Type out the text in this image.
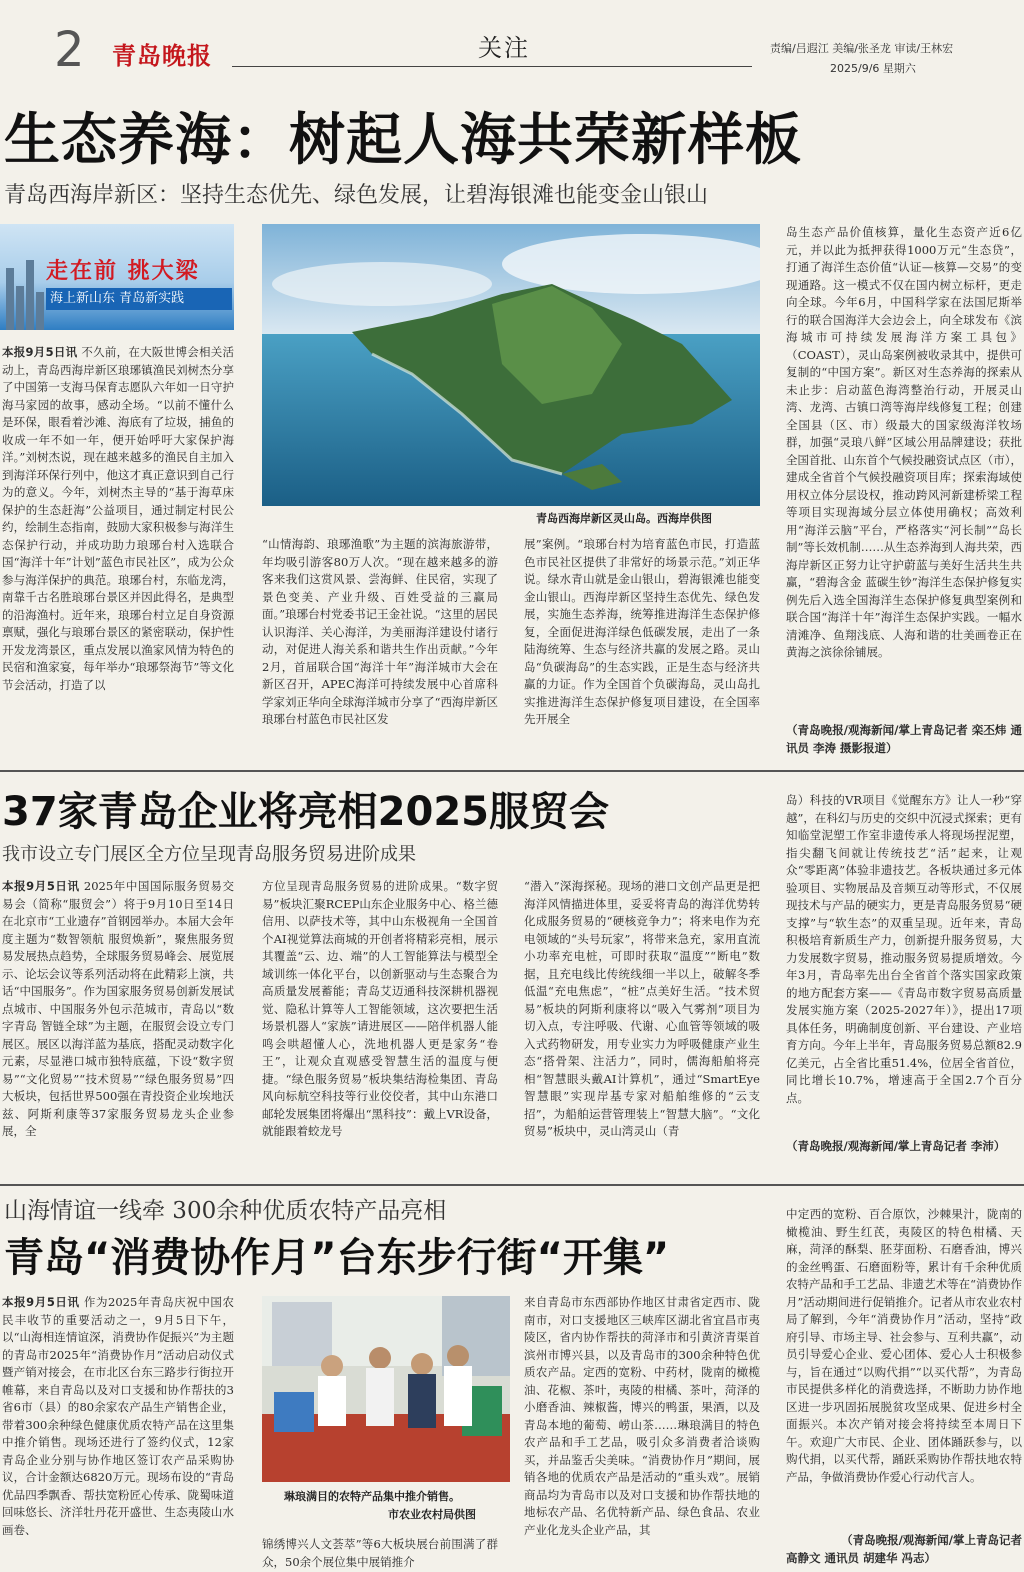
2 青岛晚报	关注	责编/吕遐江 美编/张圣龙 审读/王林宏
2025/9/6 星期六
生态养海：树起人海共荣新样板
青岛西海岸新区：坚持生态优先、绿色发展，让碧海银滩也能变金山银山
走在前 挑大梁
海上新山东 青岛新实践
青岛西海岸新区灵山岛。西海岸供图
本报9月5日讯 不久前，在大阪世博会相关活动上，青岛西海岸新区琅琊镇渔民刘树杰分享了中国第一支海马保育志愿队六年如一日守护海马家园的故事，感动全场。“以前不懂什么是环保，眼看着沙滩、海底有了垃圾，捕鱼的收成一年不如一年，便开始呼吁大家保护海洋。”刘树杰说，现在越来越多的渔民自主加入到海洋环保行列中，他这才真正意识到自己行为的意义。今年，刘树杰主导的“基于海草床保护的生态赶海”公益项目，通过制定村民公约，绘制生态指南，鼓励大家积极参与海洋生态保护行动，并成功助力琅琊台村入选联合国“海洋十年”计划”蓝色市民社区”，成为公众参与海洋保护的典范。琅琊台村，东临龙湾，南靠千古名胜琅琊台景区并因此得名，是典型的沿海渔村。近年来，琅琊台村立足自身资源禀赋，强化与琅琊台景区的紧密联动，保护性开发龙湾景区，重点发展以渔家风情为特色的民宿和渔家宴，每年举办“琅琊祭海节”等文化节会活动，打造了以
“山情海韵、琅琊渔歌”为主题的滨海旅游带，年均吸引游客80万人次。“现在越来越多的游客来我们这赏风景、尝海鲜、住民宿，实现了景色变美、产业升级、百姓受益的三赢局面。”琅琊台村党委书记王金社说。“这里的居民认识海洋、关心海洋，为美丽海洋建设付诸行动，对促进人海关系和谐共生作出贡献。”今年2月，首届联合国“海洋十年”海洋城市大会在新区召开，APEC海洋可持续发展中心首席科学家刘正华向全球海洋城市分享了“西海岸新区琅琊台村蓝色市民社区发
展”案例。“琅琊台村为培育蓝色市民，打造蓝色市民社区提供了非常好的场景示范。”刘正华说。绿水青山就是金山银山，碧海银滩也能变金山银山。西海岸新区坚持生态优先、绿色发展，实施生态养海，统筹推进海洋生态保护修复，全面促进海洋绿色低碳发展，走出了一条陆海统筹、生态与经济共赢的发展之路。灵山岛“负碳海岛”的生态实践，正是生态与经济共赢的力证。作为全国首个负碳海岛，灵山岛扎实推进海洋生态保护修复项目建设，在全国率先开展全
岛生态产品价值核算，量化生态资产近6亿元，并以此为抵押获得1000万元“生态贷”，打通了海洋生态价值“认证—核算—交易”的变现通路。这一模式不仅在国内树立标杆，更走向全球。今年6月，中国科学家在法国尼斯举行的联合国海洋大会边会上，向全球发布《滨海城市可持续发展海洋方案工具包》（COAST），灵山岛案例被收录其中，提供可复制的“中国方案”。新区对生态养海的探索从未止步：启动蓝色海湾整治行动，开展灵山湾、龙湾、古镇口湾等海岸线修复工程；创建全国县（区、市）级最大的国家级海洋牧场群，加强“灵琅八鲜”区域公用品牌建设；获批全国首批、山东首个气候投融资试点区（市），建成全省首个气候投融资项目库；探索海域使用权立体分层设权，推动跨风河新建桥梁工程等项目实现海域分层立体使用确权；高效利用“海洋云脑”平台，严格落实“河长制”“岛长制”等长效机制……从生态养海到人海共荣，西海岸新区正努力让守护蔚蓝与美好生活共生共赢，“碧海含金 蓝碳生钞”海洋生态保护修复实例先后入选全国海洋生态保护修复典型案例和联合国“海洋十年”海洋生态保护实践。一幅水清滩净、鱼翔浅底、人海和谐的壮美画卷正在黄海之滨徐徐铺展。
（青岛晚报/观海新闻/掌上青岛记者 栾丕炜 通讯员 李涛 摄影报道）
37家青岛企业将亮相2025服贸会
我市设立专门展区全方位呈现青岛服务贸易进阶成果
本报9月5日讯 2025年中国国际服务贸易交易会（简称“服贸会”）将于9月10日至14日在北京市“工业遗存”首钢园举办。本届大会年度主题为“数智领航 服贸焕新”，聚焦服务贸易发展热点趋势，全球服务贸易峰会、展览展示、论坛会议等系列活动将在此精彩上演，共话“中国服务”。作为国家服务贸易创新发展试点城市、中国服务外包示范城市，青岛以“数字青岛 智链全球”为主题，在服贸会设立专门展区。展区以海洋蓝为基底，搭配灵动数字化元素，尽显港口城市独特底蕴，下设“数字贸易”“文化贸易”“技术贸易”“绿色服务贸易”四大板块，包括世界500强在青投资企业埃地沃兹、阿斯利康等37家服务贸易龙头企业参展，全
方位呈现青岛服务贸易的进阶成果。“数字贸易”板块汇聚RCEP山东企业服务中心、格兰德信用、以萨技术等，其中山东极视角一全国首个AI视觉算法商城的开创者将精彩亮相，展示其覆盖“云、边、端”的人工智能算法与模型全域训练一体化平台，以创新驱动与生态聚合为高质量发展蓄能；青岛艾迈通科技深耕机器视觉、隐私计算等人工智能领域，这次要把生活场景机器人“家族”请进展区——陪伴机器人能鸣会哄超懂人心，洗地机器人更是家务“卷王”，让观众直观感受智慧生活的温度与便捷。“绿色服务贸易”板块集结海检集团、青岛风向标航空科技等行业佼佼者，其中山东港口邮轮发展集团将爆出“黑科技”：戴上VR设备，就能跟着蛟龙号
“潜入”深海探秘。现场的港口文创产品更是把海洋风情描进体里，妥妥将青岛的海洋优势转化成服务贸易的“硬核竞争力”；将来电作为充电领域的“头号玩家”，将带来急充，家用直流小功率充电桩，可即时获取“温度”“断电”数据，且充电线比传统线细一半以上，破解冬季低温“充电焦虑”，“桩”点美好生活。“技术贸易”板块的阿斯利康将以“吸入气雾剂”项目为切入点，专注呼吸、代谢、心血管等领域的吸入式药物研发，用专业实力为呼吸健康产业生态“搭骨架、注活力”，同时，儒海船舶将亮相“智慧眼头戴AI计算机”，通过“SmartEye智慧眼”实现岸基专家对船舶维修的“云支招”，为船舶运营管理装上“智慧大脑”。“文化贸易”板块中，灵山湾灵山（青
岛）科技的VR项目《觉醒东方》让人一秒“穿越”，在科幻与历史的交织中沉浸式探索；更有知临堂泥塑工作室非遗传承人将现场捏泥塑，指尖翻飞间就让传统技艺“活”起来，让观众“零距离”体验非遗技艺。各板块通过多元体验项目、实物展品及音频互动等形式，不仅展现技术与产品的硬实力，更是青岛服务贸易“硬支撑”与“软生态”的双重呈现。近年来，青岛积极培育新质生产力，创新提升服务贸易，大力发展数字贸易，推动服务贸易提质增效。今年3月，青岛率先出台全省首个落实国家政策的地方配套方案——《青岛市数字贸易高质量发展实施方案（2025-2027年）》，提出17项具体任务，明确制度创新、平台建设、产业培育方向。今年上半年，青岛服务贸易总额82.9亿美元，占全省比重51.4%，位居全省首位，同比增长10.7%，增速高于全国2.7个百分点。
（青岛晚报/观海新闻/掌上青岛记者 李沛）
山海情谊一线牵 300余种优质农特产品亮相
青岛“消费协作月”台东步行街“开集”
本报9月5日讯 作为2025年青岛庆祝中国农民丰收节的重要活动之一，9月5日下午，以“山海相连情谊深，消费协作促振兴”为主题的青岛市2025年“消费协作月”活动启动仪式暨产销对接会，在市北区台东三路步行街拉开帷幕，来自青岛以及对口支援和协作帮扶的3省6市（县）的80余家农产品生产销售企业，带着300余种绿色健康优质农特产品在这里集中推介销售。现场还进行了签约仪式，12家青岛企业分别与协作地区签订农产品采购协议，合计金额达6820万元。现场布设的“青岛优品四季飘香、帮扶宽粉匠心传承、陇蜀味道回味悠长、济洋牡丹花开盛世、生态夷陵山水画卷、
琳琅满目的农特产品集中推介销售。
市农业农村局供图
锦绣博兴人文荟萃”等6大板块展台前围满了群众，50余个展位集中展销推介
来自青岛市东西部协作地区甘肃省定西市、陇南市，对口支援地区三峡库区湖北省宜昌市夷陵区，省内协作帮扶的菏泽市和引黄济青渠首滨州市博兴县，以及青岛市的300余种特色优质农产品。定西的宽粉、中药材，陇南的橄榄油、花椒、茶叶，夷陵的柑橘、茶叶，菏泽的小磨香油、辣椒酱，博兴的鸭蛋，果酒，以及青岛本地的葡萄、崂山茶……琳琅满目的特色农产品和手工艺品，吸引众多消费者洽谈购买，并品鉴舌尖美味。“消费协作月”期间，展销各地的优质农产品是活动的“重头戏”。展销商品均为青岛市以及对口支援和协作帮扶地的地标农产品、名优特新产品、绿色食品、农业产业化龙头企业产品，其
中定西的宽粉、百合原饮，沙棘果汁，陇南的橄榄油、野生红芪，夷陵区的特色柑橘、天麻，菏泽的酥梨、胚芽面粉、石磨香油，博兴的金丝鸭蛋、石磨面粉等，累计有千余种优质农特产品和手工艺品、非遗艺术等在“消费协作月”活动期间进行促销推介。记者从市农业农村局了解到，今年“消费协作月”活动，坚持“政府引导、市场主导、社会参与、互利共赢”，动员引导爱心企业、爱心团体、爱心人士积极参与，旨在通过“以购代捐”“以买代帮”，为青岛市民提供多样化的消费选择，不断助力协作地区进一步巩固拓展脱贫攻坚成果、促进乡村全面振兴。本次产销对接会将持续至本周日下午。欢迎广大市民、企业、团体踊跃参与，以购代捐，以买代帮，踊跃采购协作帮扶地农特产品，争做消费协作爱心行动代言人。
（青岛晚报/观海新闻/掌上青岛记者
高静文 通讯员 胡建华 冯志）
